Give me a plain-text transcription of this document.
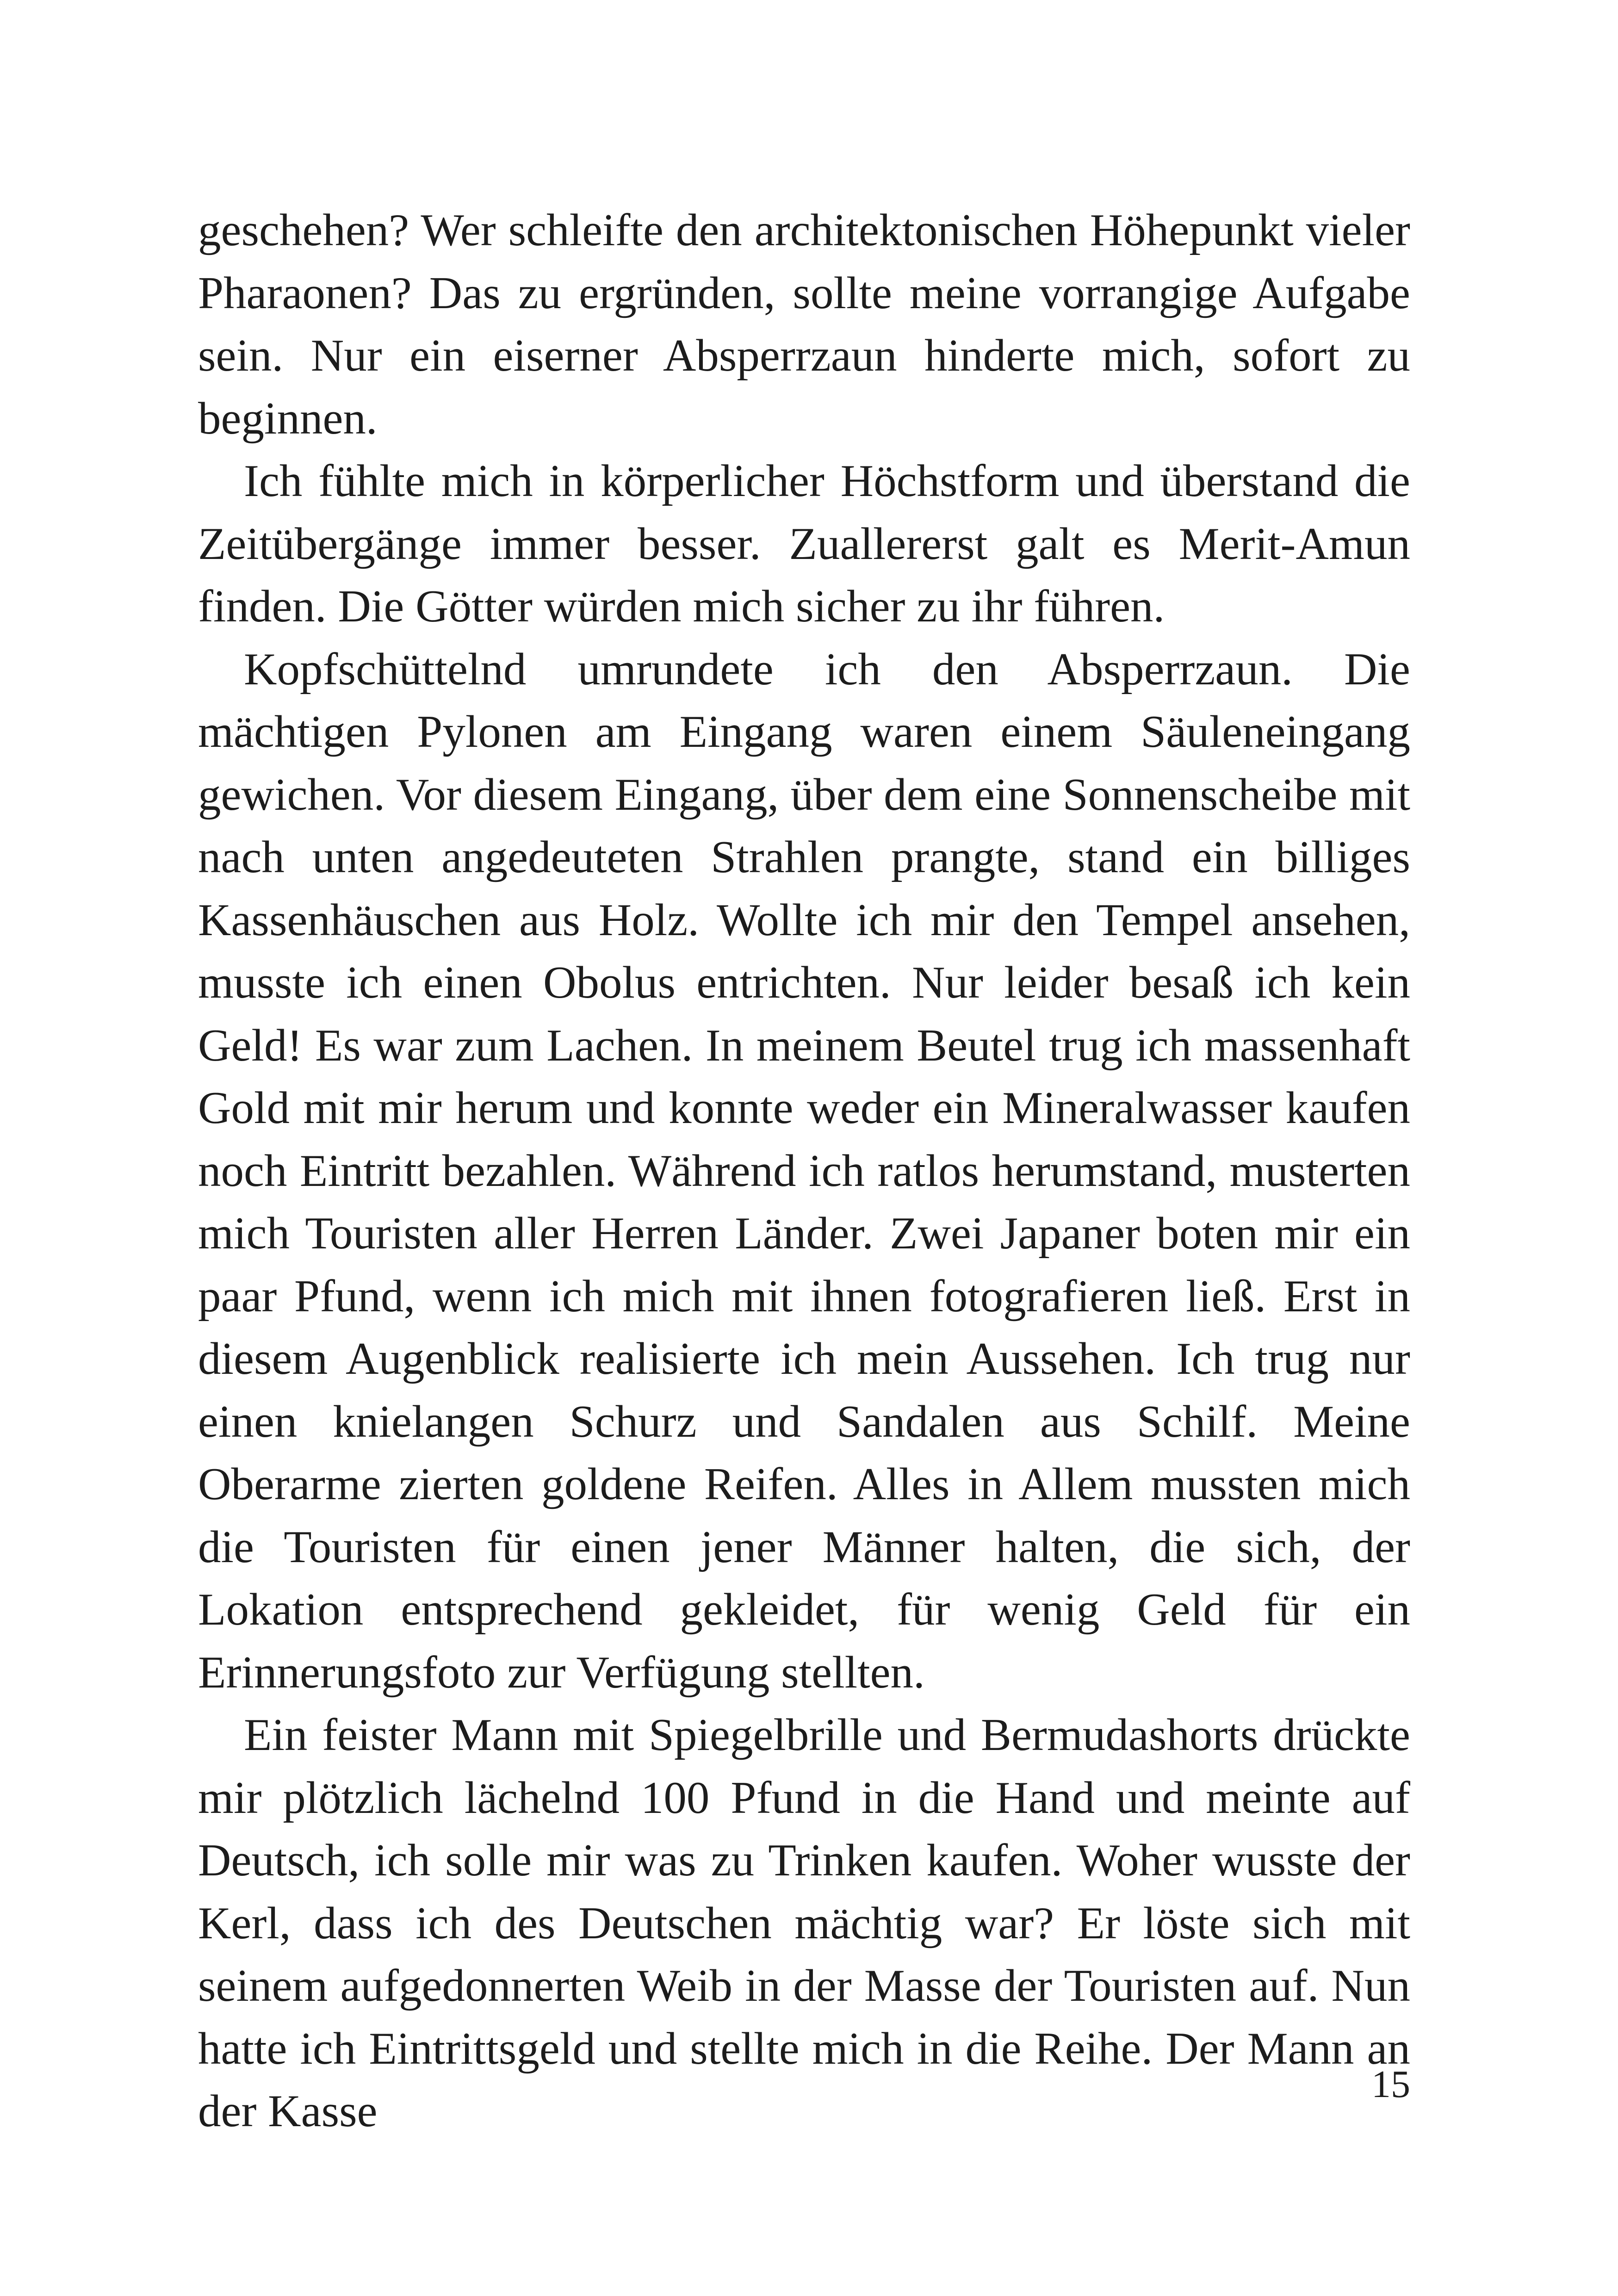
geschehen? Wer schleifte den architektonischen Höhepunkt vieler Pharaonen? Das zu ergründen, sollte meine vorrangige Aufgabe sein. Nur ein eiserner Absperrzaun hinderte mich, sofort zu beginnen.

Ich fühlte mich in körperlicher Höchstform und überstand die Zeitübergänge immer besser. Zuallererst galt es Merit-Amun finden. Die Götter würden mich sicher zu ihr führen.

Kopfschüttelnd umrundete ich den Absperrzaun. Die mächtigen Pylonen am Eingang waren einem Säuleneingang gewichen. Vor diesem Eingang, über dem eine Sonnenscheibe mit nach unten angedeuteten Strahlen prangte, stand ein billiges Kassenhäuschen aus Holz. Wollte ich mir den Tempel ansehen, musste ich einen Obolus entrichten. Nur leider besaß ich kein Geld! Es war zum Lachen. In meinem Beutel trug ich massenhaft Gold mit mir herum und konnte weder ein Mineralwasser kaufen noch Eintritt bezahlen. Während ich ratlos herumstand, musterten mich Touristen aller Herren Länder. Zwei Japaner boten mir ein paar Pfund, wenn ich mich mit ihnen fotografieren ließ. Erst in diesem Augenblick realisierte ich mein Aussehen. Ich trug nur einen knielangen Schurz und Sandalen aus Schilf. Meine Oberarme zierten goldene Reifen. Alles in Allem mussten mich die Touristen für einen jener Männer halten, die sich, der Lokation entsprechend gekleidet, für wenig Geld für ein Erinnerungsfoto zur Verfügung stellten.

Ein feister Mann mit Spiegelbrille und Bermudashorts drückte mir plötzlich lächelnd 100 Pfund in die Hand und meinte auf Deutsch, ich solle mir was zu Trinken kaufen. Woher wusste der Kerl, dass ich des Deutschen mächtig war? Er löste sich mit seinem aufgedonnerten Weib in der Masse der Touristen auf. Nun hatte ich Eintrittsgeld und stellte mich in die Reihe. Der Mann an der Kasse

15
